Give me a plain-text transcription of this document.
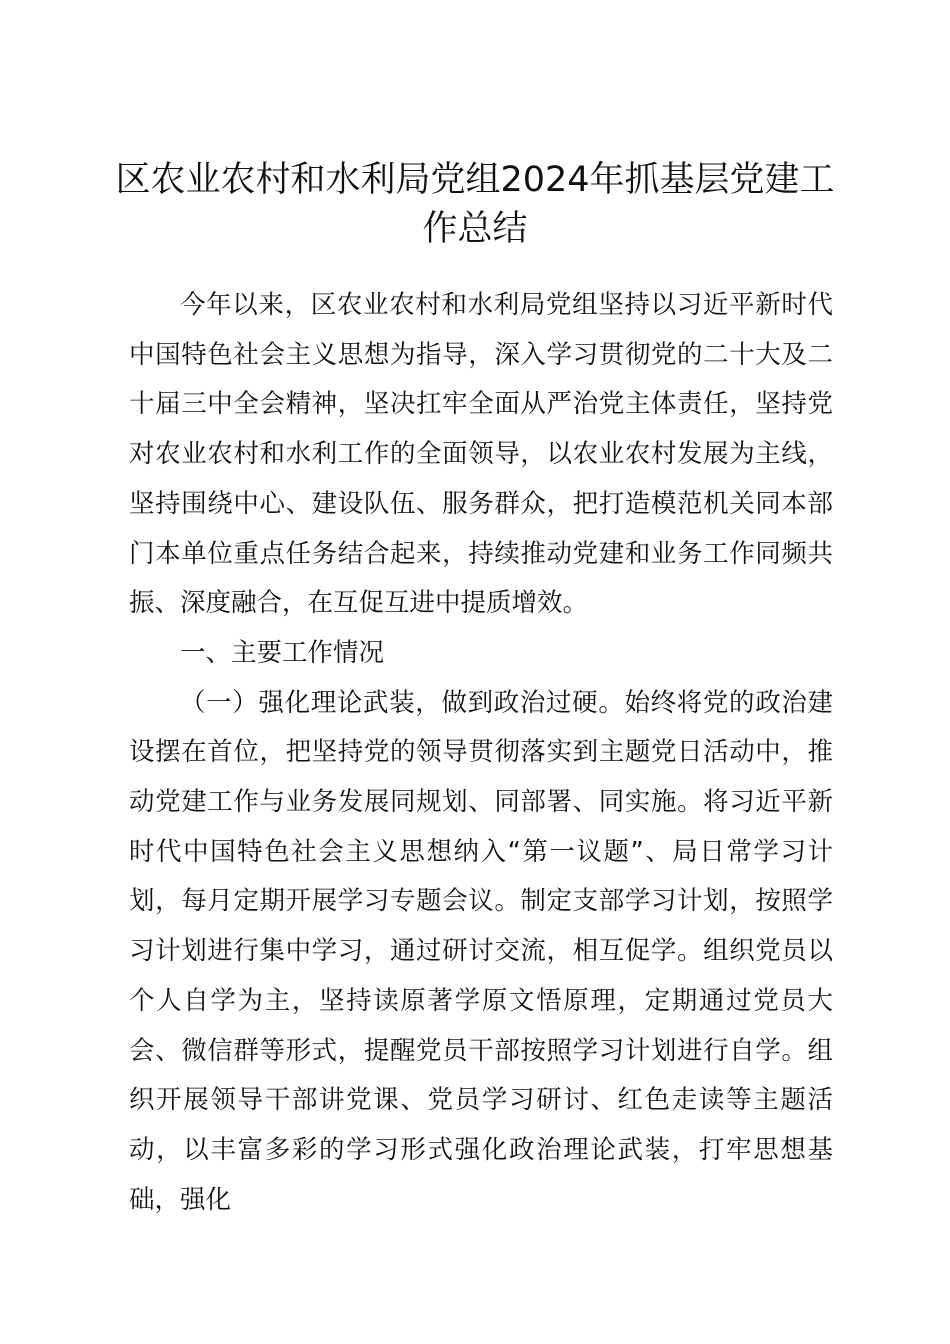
区农业农村和水利局党组2024年抓基层党建工作总结

今年以来，区农业农村和水利局党组坚持以习近平新时代中国特色社会主义思想为指导，深入学习贯彻党的二十大及二十届三中全会精神，坚决扛牢全面从严治党主体责任，坚持党对农业农村和水利工作的全面领导，以农业农村发展为主线，坚持围绕中心、建设队伍、服务群众，把打造模范机关同本部门本单位重点任务结合起来，持续推动党建和业务工作同频共振、深度融合，在互促互进中提质增效。

一、主要工作情况

（一）强化理论武装，做到政治过硬。始终将党的政治建设摆在首位，把坚持党的领导贯彻落实到主题党日活动中，推动党建工作与业务发展同规划、同部署、同实施。将习近平新时代中国特色社会主义思想纳入“第一议题”、局日常学习计划，每月定期开展学习专题会议。制定支部学习计划，按照学习计划进行集中学习，通过研讨交流，相互促学。组织党员以个人自学为主，坚持读原著学原文悟原理，定期通过党员大会、微信群等形式，提醒党员干部按照学习计划进行自学。组织开展领导干部讲党课、党员学习研讨、红色走读等主题活动，以丰富多彩的学习形式强化政治理论武装，打牢思想基础，强化
